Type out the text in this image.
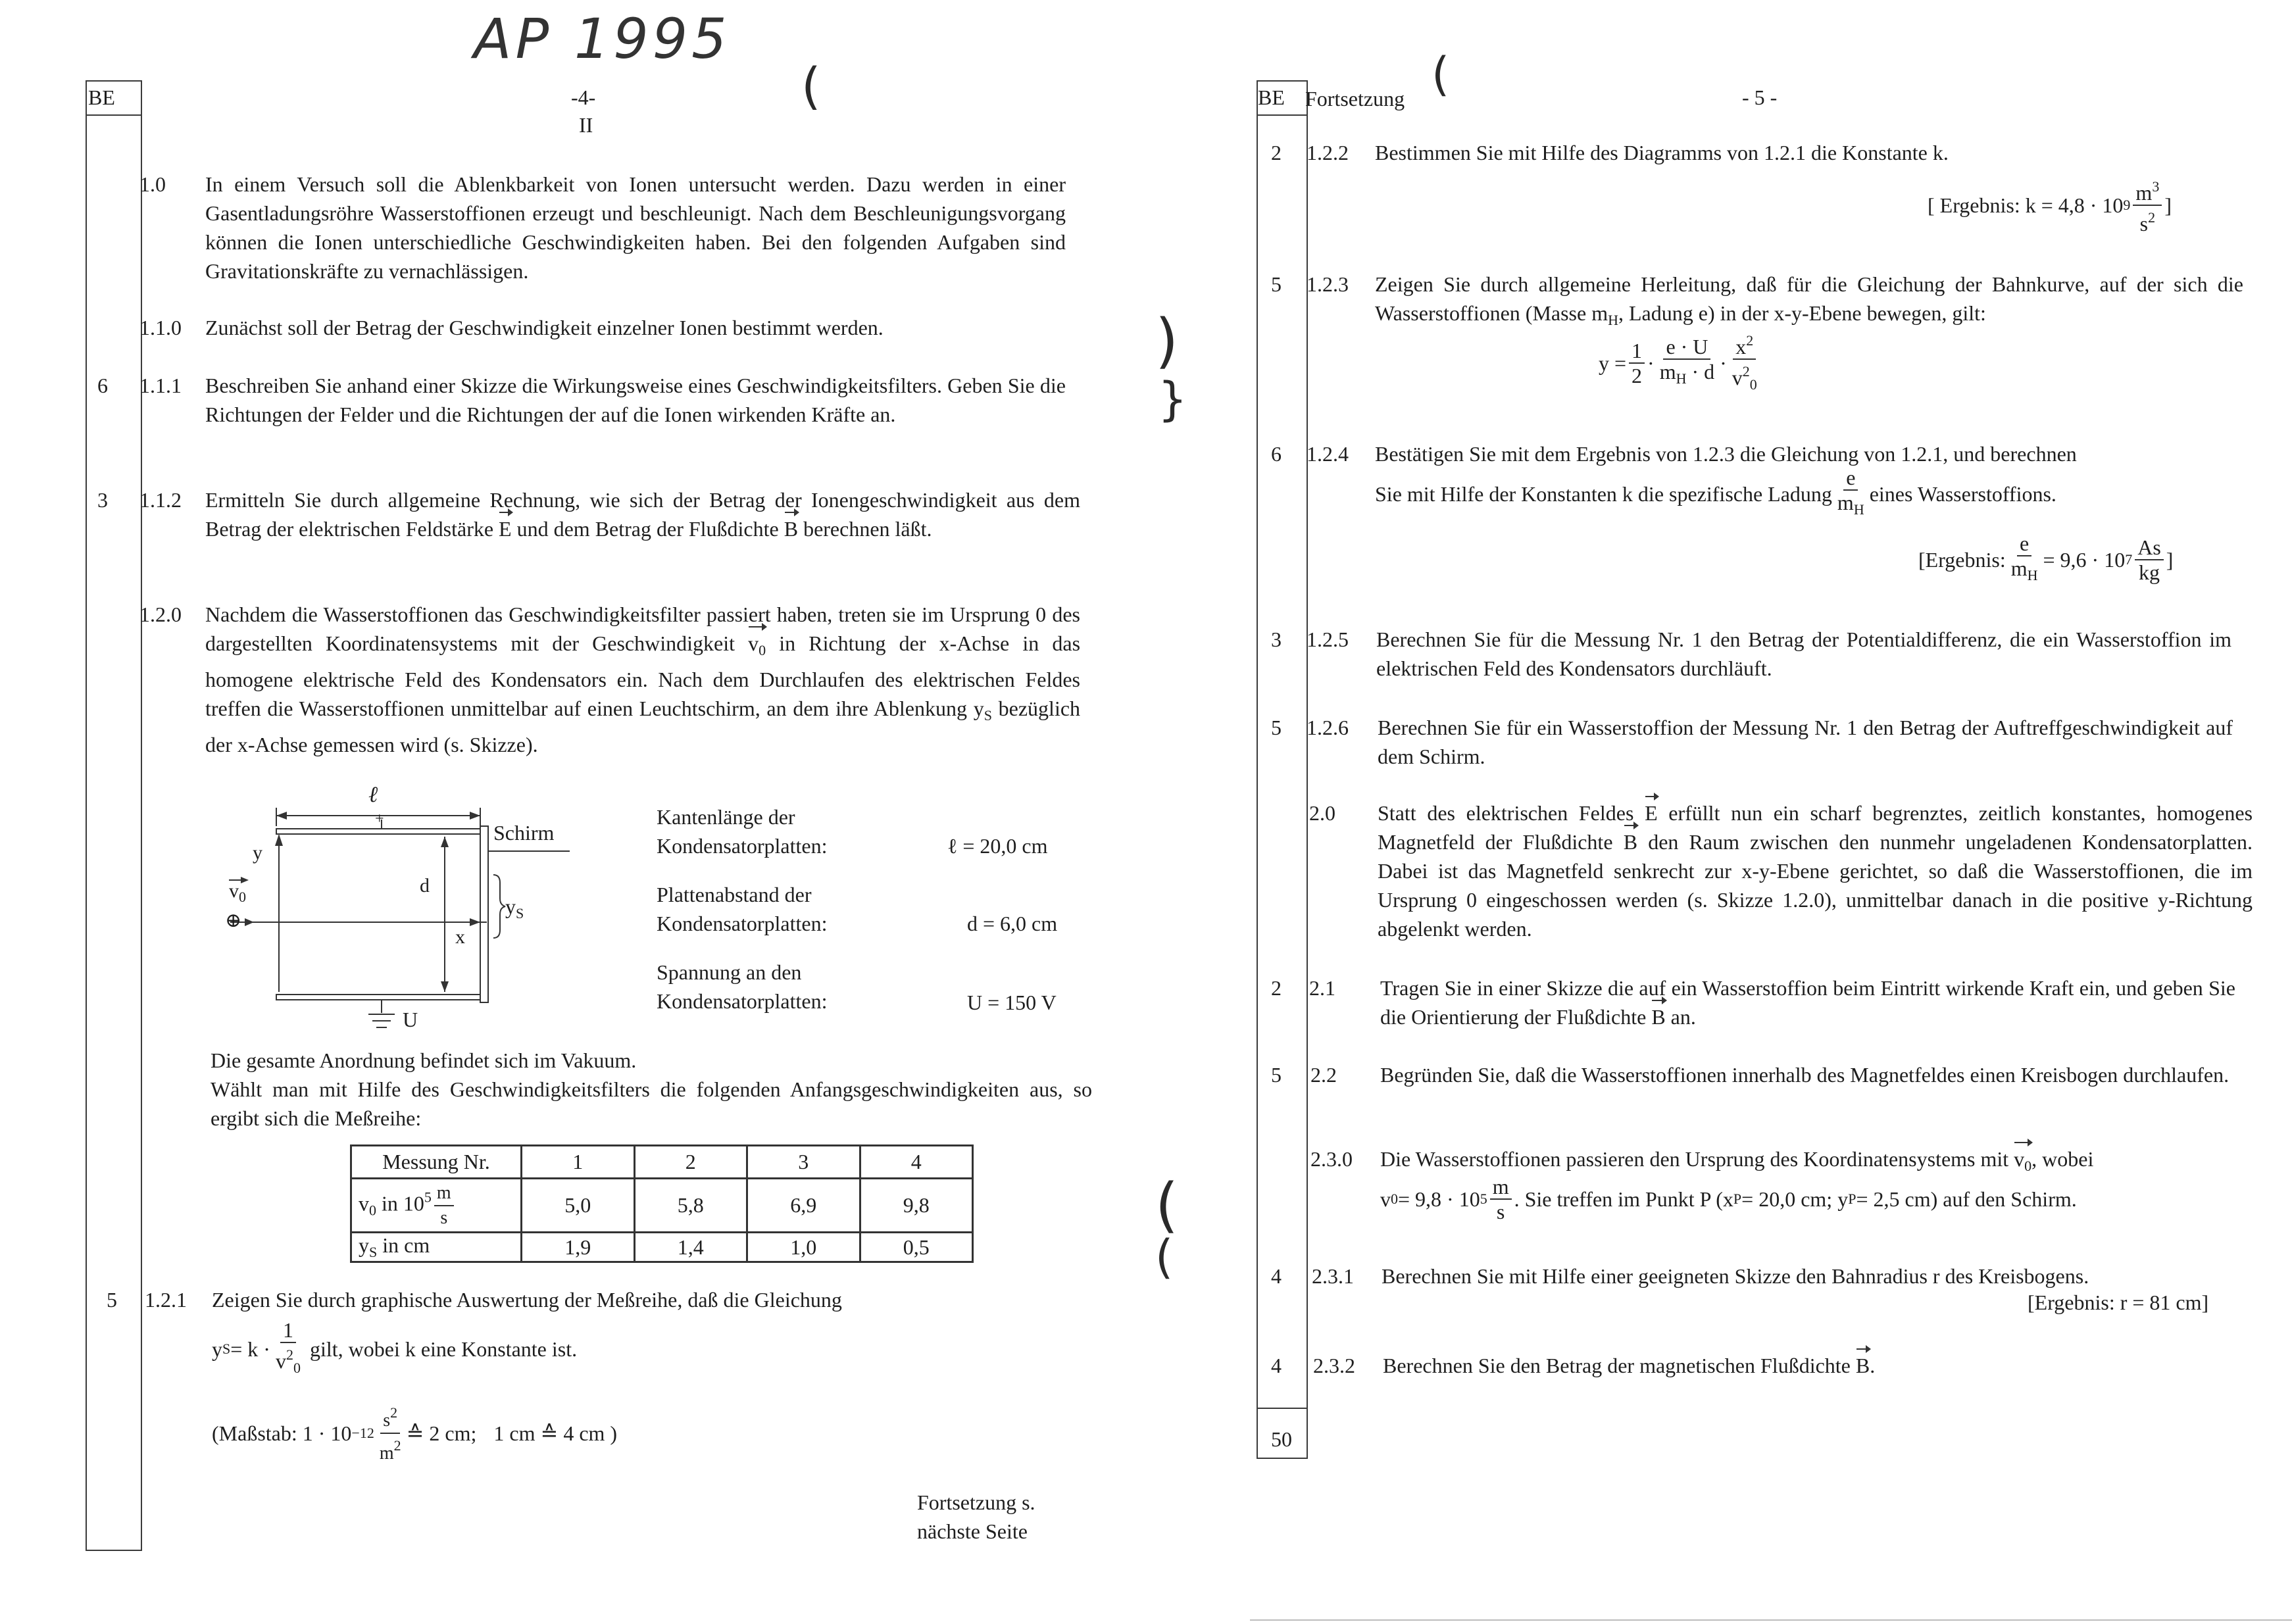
AP 1995
BE	-4-
II
(
1.0 In einem Versuch soll die Ablenkbarkeit von Ionen untersucht werden. Dazu werden in einer Gasentladungsröhre Wasserstoffionen erzeugt und beschleunigt. Nach dem Beschleunigungsvorgang können die Ionen unterschiedliche Geschwindigkeiten haben. Bei den folgenden Aufgaben sind Gravitationskräfte zu vernachlässigen.
1.1.0 Zunächst soll der Betrag der Geschwindigkeit einzelner Ionen bestimmt werden.
6	1.1.1 Beschreiben Sie anhand einer Skizze die Wirkungsweise eines Geschwindigkeitsfilters. Geben Sie die Richtungen der Felder und die Richtungen der auf die Ionen wirkenden Kräfte an.
3	1.1.2 Ermitteln Sie durch allgemeine Rechnung, wie sich der Betrag der Ionengeschwindigkeit aus dem Betrag der elektrischen Feldstärke E und dem Betrag der Flußdichte B berechnen läßt.
1.2.0 Nachdem die Wasserstoffionen das Geschwindigkeitsfilter passiert haben, treten sie im Ursprung 0 des dargestellten Koordinatensystems mit der Geschwindigkeit $v_0$ in Richtung der x-Achse in das homogene elektrische Feld des Kondensators ein. Nach dem Durchlaufen des elektrischen Feldes treffen die Wasserstoffionen unmittelbar auf einen Leuchtschirm, an dem ihre Ablenkung $y_S$ bezüglich der x-Achse gemessen wird (s. Skizze).
ℓ
+
Schirm
y
$v_0$
⊕
d
x
$y_S$
U
Kantenlänge der
Kondensatorplatten:	ℓ = 20,0 cm
Plattenabstand der
Kondensatorplatten:	d = 6,0 cm
Spannung an den
Kondensatorplatten:	U = 150 V
Die gesamte Anordnung befindet sich im Vakuum.
Wählt man mit Hilfe des Geschwindigkeitsfilters die folgenden Anfangsgeschwindigkeiten aus, so ergibt sich die Meßreihe:
Messung Nr.	1	2	3	4
$v_0$ in $10^5 \frac{m}{s}$	5,0	5,8	6,9	9,8
$y_S$ in cm	1,9	1,4	1,0	0,5
5	1.2.1 Zeigen Sie durch graphische Auswertung der Meßreihe, daß die Gleichung
y $S = k \cdot \frac{1}{v^2_0}$ gilt, wobei k eine Konstante ist.
(Maßstab: $1 \cdot 10 -12 \frac{s^2}{m^2}$ ≙ 2 cm; 1 cm ≙ 4 cm )
Fortsetzung s.
nächste Seite
)
}
(
(
BE Fortsetzung (	- 5 -
2	1.2.2 Bestimmen Sie mit Hilfe des Diagramms von 1.2.1 die Konstante k.
[ Ergebnis: k = 4,8 · 10 $9 \frac{m^3}{s^2}$ ]
5	1.2.3 Zeigen Sie durch allgemeine Herleitung, daß für die Gleichung der Bahnkurve, auf der sich die Wasserstoffionen (Masse $m_H$, Ladung e) in der x-y-Ebene bewegen, gilt:
$y = \frac{1}{2} \cdot \frac{e \cdot U}{m_H \cdot d} \cdot \frac{x^2}{v^2_0}$
6	1.2.4 Bestätigen Sie mit dem Ergebnis von 1.2.3 die Gleichung von 1.2.1, und berechnen
Sie mit Hilfe der Konstanten k die spezifische Ladung $\frac{e}{m_H}$ eines Wasserstoffions.
[Ergebnis: $\frac{e}{m_H} = 9,6 \cdot 10$ $7 \frac{As}{kg}$ ]
3	1.2.5 Berechnen Sie für die Messung Nr. 1 den Betrag der Potentialdifferenz, die ein Wasserstoffion im elektrischen Feld des Kondensators durchläuft.
5	1.2.6 Berechnen Sie für ein Wasserstoffion der Messung Nr. 1 den Betrag der Auftreffgeschwindigkeit auf dem Schirm.
2.0 Statt des elektrischen Feldes E erfüllt nun ein scharf begrenztes, zeitlich konstantes, homogenes Magnetfeld der Flußdichte B den Raum zwischen den nunmehr ungeladenen Kondensatorplatten. Dabei ist das Magnetfeld senkrecht zur x-y-Ebene gerichtet, so daß die Wasserstoffionen, die im Ursprung 0 eingeschossen werden (s. Skizze 1.2.0), unmittelbar danach in die positive y-Richtung abgelenkt werden.
2	2.1 Tragen Sie in einer Skizze die auf ein Wasserstoffion beim Eintritt wirkende Kraft ein, und geben Sie die Orientierung der Flußdichte B an.
5	2.2 Begründen Sie, daß die Wasserstoffionen innerhalb des Magnetfeldes einen Kreisbogen durchlaufen.
2.3.0 Die Wasserstoffionen passieren den Ursprung des Koordinatensystems mit $v_0$, wobei
v 0 = 9,8 · 10 $5 \frac{m}{s}$ . Sie treffen im Punkt P (x P = 20,0 cm; y P = 2,5 cm) auf den Schirm.
4	2.3.1 Berechnen Sie mit Hilfe einer geeigneten Skizze den Bahnradius r des Kreisbogens.
[Ergebnis: r = 81 cm]
4	2.3.2 Berechnen Sie den Betrag der magnetischen Flußdichte B.
50
